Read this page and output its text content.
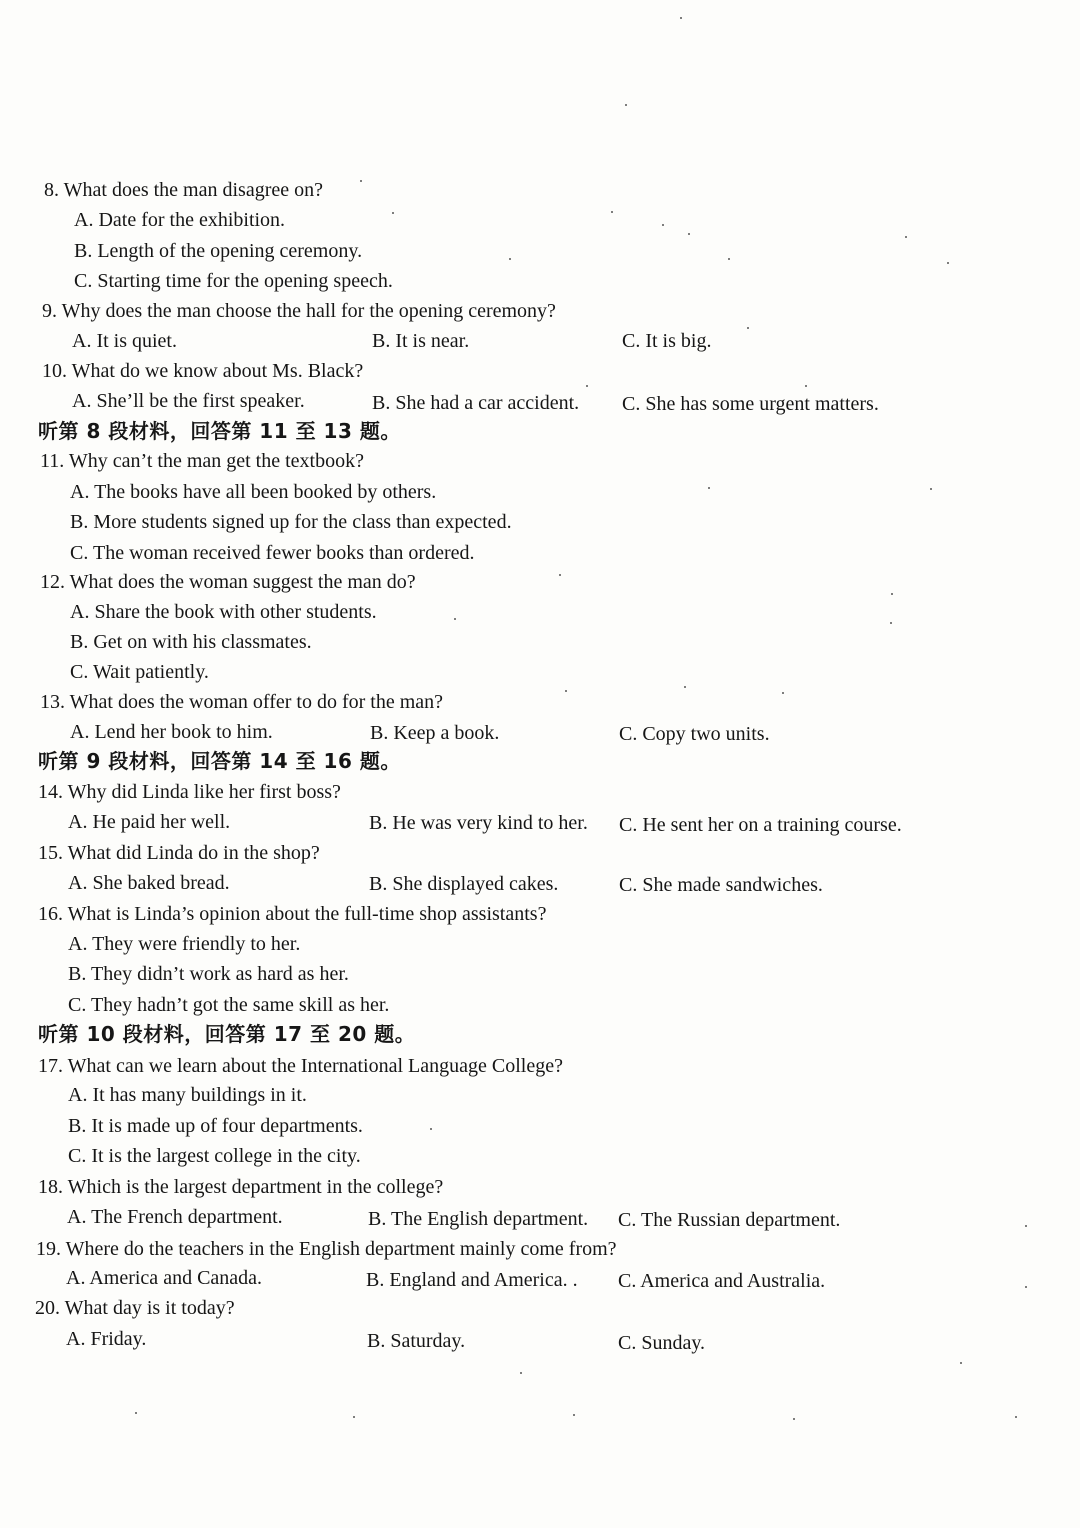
8. What does the man disagree on?
A. Date for the exhibition.
B. Length of the opening ceremony.
C. Starting time for the opening speech.
9. Why does the man choose the hall for the opening ceremony?
A. It is quiet.	B. It is near.	C. It is big.
10. What do we know about Ms. Black?
A. She’ll be the first speaker.	B. She had a car accident. C. She has some urgent matters.
听第 8 段材料，回答第 11 至 13 题。
11. Why can’t the man get the textbook?
A. The books have all been booked by others.
B. More students signed up for the class than expected.
C. The woman received fewer books than ordered.
12. What does the woman suggest the man do?
A. Share the book with other students.
B. Get on with his classmates.
C. Wait patiently.
13. What does the woman offer to do for the man?
A. Lend her book to him.	B. Keep a book.	C. Copy two units.
听第 9 段材料，回答第 14 至 16 题。
14. Why did Linda like her first boss?
A. He paid her well.	B. He was very kind to her. C. He sent her on a training course.
15. What did Linda do in the shop?
A. She baked bread.	B. She displayed cakes.	C. She made sandwiches.
16. What is Linda’s opinion about the full-time shop assistants?
A. They were friendly to her.
B. They didn’t work as hard as her.
C. They hadn’t got the same skill as her.
听第 10 段材料，回答第 17 至 20 题。
17. What can we learn about the International Language College?
A. It has many buildings in it.
B. It is made up of four departments.
C. It is the largest college in the city.
18. Which is the largest department in the college?
A. The French department.	B. The English department. C. The Russian department.
19. Where do the teachers in the English department mainly come from?
A. America and Canada.	B. England and America. . C. America and Australia.
20. What day is it today?
A. Friday.	B. Saturday.	C. Sunday.
